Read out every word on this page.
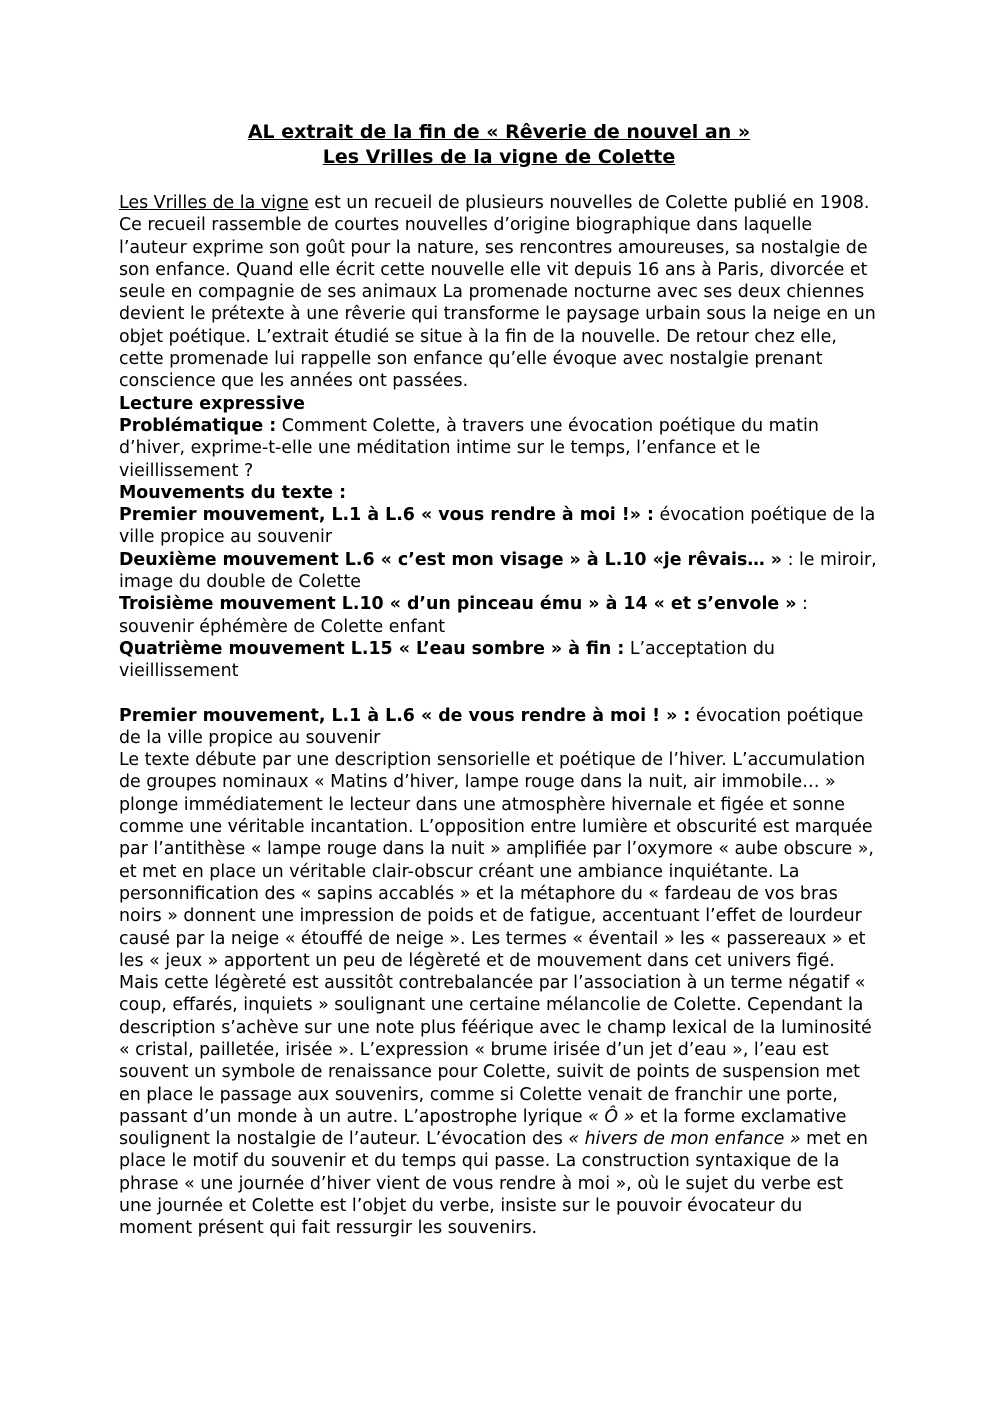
AL extrait de la fin de « Rêverie de nouvel an »
Les Vrilles de la vigne de Colette

Les Vrilles de la vigne est un recueil de plusieurs nouvelles de Colette publié en 1908. Ce recueil rassemble de courtes nouvelles d’origine biographique dans laquelle l’auteur exprime son goût pour la nature, ses rencontres amoureuses, sa nostalgie de son enfance. Quand elle écrit cette nouvelle elle vit depuis 16 ans à Paris, divorcée et seule en compagnie de ses animaux La promenade nocturne avec ses deux chiennes devient le prétexte à une rêverie qui transforme le paysage urbain sous la neige en un objet poétique. L’extrait étudié se situe à la fin de la nouvelle. De retour chez elle, cette promenade lui rappelle son enfance qu’elle évoque avec nostalgie prenant conscience que les années ont passées.

Lecture expressive

Problématique : Comment Colette, à travers une évocation poétique du matin d’hiver, exprime-t-elle une méditation intime sur le temps, l’enfance et le vieillissement ?

Mouvements du texte :

Premier mouvement, L.1 à L.6 « vous rendre à moi !» : évocation poétique de la ville propice au souvenir

Deuxième mouvement L.6 « c’est mon visage » à L.10 «je rêvais… » : le miroir, image du double de Colette

Troisième mouvement L.10 « d’un pinceau ému » à 14 « et s’envole » : souvenir éphémère de Colette enfant

Quatrième mouvement L.15 « L’eau sombre » à fin : L’acceptation du vieillissement

Premier mouvement, L.1 à L.6 « de vous rendre à moi ! » : évocation poétique de la ville propice au souvenir

Le texte débute par une description sensorielle et poétique de l’hiver. L’accumulation de groupes nominaux « Matins d’hiver, lampe rouge dans la nuit, air immobile… » plonge immédiatement le lecteur dans une atmosphère hivernale et figée et sonne comme une véritable incantation. L’opposition entre lumière et obscurité est marquée par l’antithèse « lampe rouge dans la nuit » amplifiée par l’oxymore « aube obscure », et met en place un véritable clair-obscur créant une ambiance inquiétante. La personnification des « sapins accablés » et la métaphore du « fardeau de vos bras noirs » donnent une impression de poids et de fatigue, accentuant l’effet de lourdeur causé par la neige « étouffé de neige ». Les termes « éventail » les « passereaux » et les « jeux » apportent un peu de légèreté et de mouvement dans cet univers figé. Mais cette légèreté est aussitôt contrebalancée par l’association à un terme négatif « coup, effarés, inquiets » soulignant une certaine mélancolie de Colette. Cependant la description s’achève sur une note plus féérique avec le champ lexical de la luminosité « cristal, pailletée, irisée ». L’expression « brume irisée d’un jet d’eau », l’eau est souvent un symbole de renaissance pour Colette, suivit de points de suspension met en place le passage aux souvenirs, comme si Colette venait de franchir une porte, passant d’un monde à un autre. L’apostrophe lyrique « Ô » et la forme exclamative soulignent la nostalgie de l’auteur. L’évocation des « hivers de mon enfance » met en place le motif du souvenir et du temps qui passe. La construction syntaxique de la phrase « une journée d’hiver vient de vous rendre à moi », où le sujet du verbe est une journée et Colette est l’objet du verbe, insiste sur le pouvoir évocateur du moment présent qui fait ressurgir les souvenirs.
